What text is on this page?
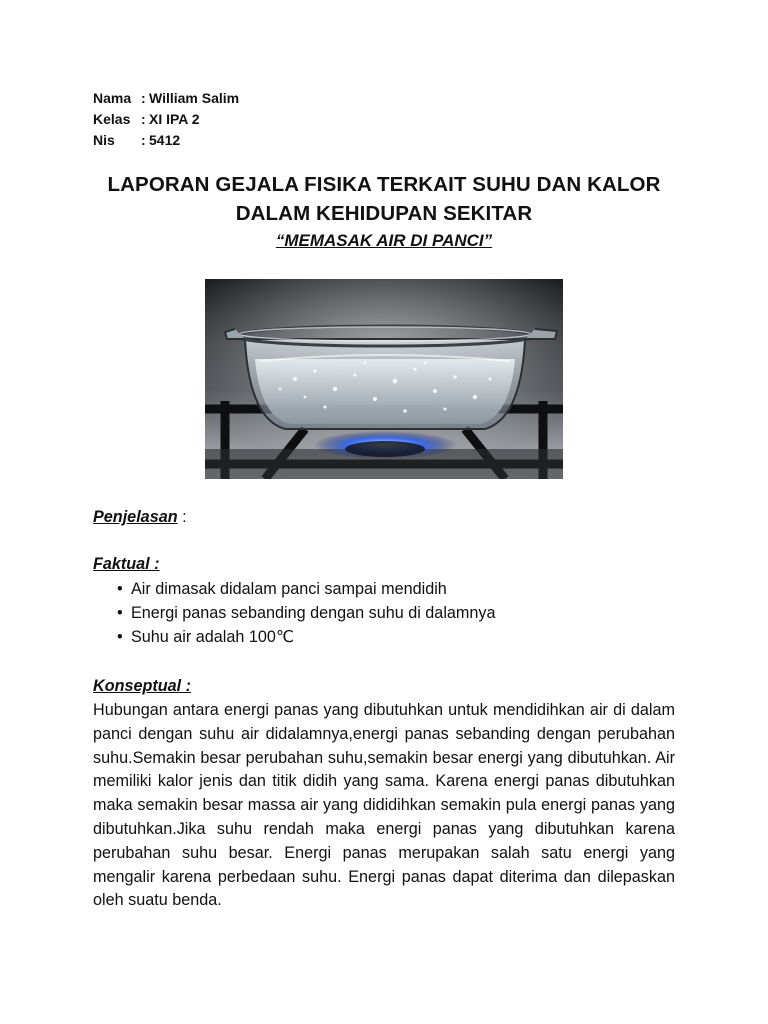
Nama : William Salim
Kelas : XI IPA 2
Nis	: 5412
LAPORAN GEJALA FISIKA TERKAIT SUHU DAN KALOR
DALAM KEHIDUPAN SEKITAR
“MEMASAK AIR DI PANCI”
Penjelasan :
Faktual :
• Air dimasak didalam panci sampai mendidih
• Energi panas sebanding dengan suhu di dalamnya
• Suhu air adalah 100℃
Konseptual :
Hubungan antara energi panas yang dibutuhkan untuk mendidihkan air di dalam panci dengan suhu air didalamnya,energi panas sebanding dengan perubahan suhu.Semakin besar perubahan suhu,semakin besar energi yang dibutuhkan. Air memiliki kalor jenis dan titik didih yang sama. Karena energi panas dibutuhkan maka semakin besar massa air yang dididihkan semakin pula energi panas yang dibutuhkan.Jika suhu rendah maka energi panas yang dibutuhkan karena perubahan suhu besar. Energi panas merupakan salah satu energi yang mengalir karena perbedaan suhu. Energi panas dapat diterima dan dilepaskan oleh suatu benda.
